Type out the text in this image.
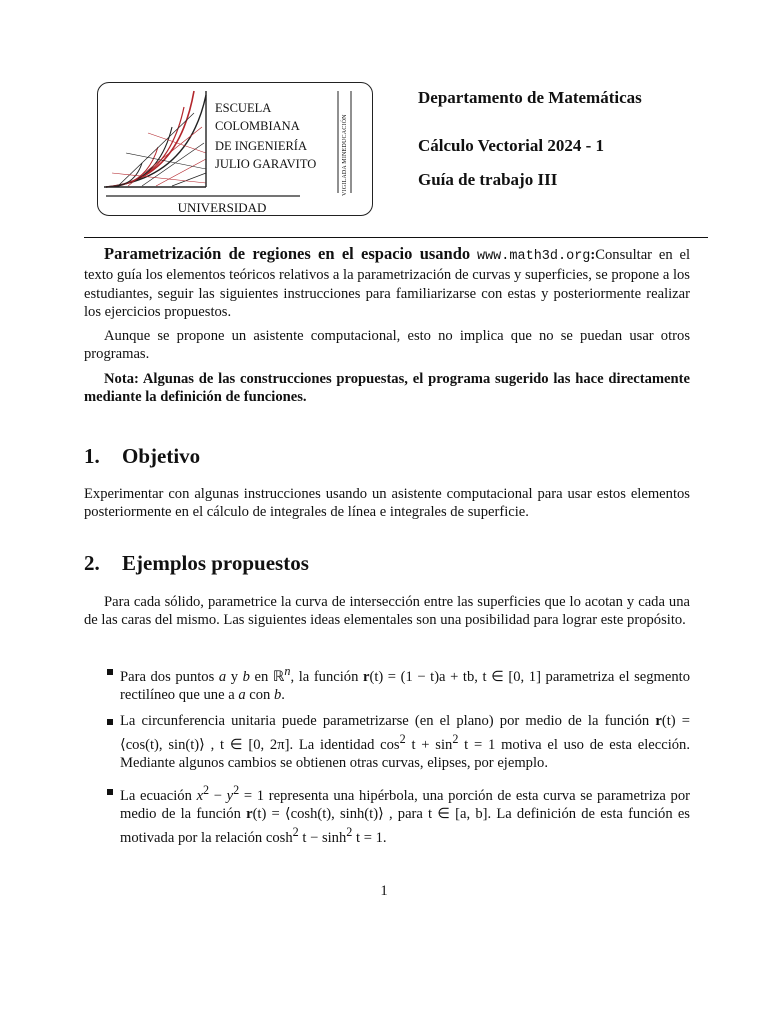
ESCUELA
COLOMBIANA
DE INGENIERÍA
JULIO GARAVITO
UNIVERSIDAD
VIGILADA MINEDUCACIÓN
Departamento de Matemáticas
Cálculo Vectorial 2024 - 1
Guía de trabajo III

Parametrización de regiones en el espacio usando www.math3d.org:Consultar en el texto guía los elementos teóricos relativos a la parametrización de curvas y superficies, se propone a los estudiantes, seguir las siguientes instrucciones para familiarizarse con estas y posteriormente realizar los ejercicios propuestos.

Aunque se propone un asistente computacional, esto no implica que no se puedan usar otros programas.

Nota: Algunas de las construcciones propuestas, el programa sugerido las hace directamente mediante la definición de funciones.

1. Objetivo
Experimentar con algunas instrucciones usando un asistente computacional para usar estos elementos posteriormente en el cálculo de integrales de línea e integrales de superficie.
2. Ejemplos propuestos
Para cada sólido, parametrice la curva de intersección entre las superficies que lo acotan y cada una de las caras del mismo. Las siguientes ideas elementales son una posibilidad para lograr este propósito.
Para dos puntos a y b en ℝ$^n$, la función r(t) = (1 − t)a + tb, t ∈ [0, 1] parametriza el segmento rectilíneo que une a a con b.
La circunferencia unitaria puede parametrizarse (en el plano) por medio de la función r(t) = ⟨cos(t), sin(t)⟩ , t ∈ [0, 2π]. La identidad $\cos^2 t + \sin^2 t = 1$ motiva el uso de esta elección. Mediante algunos cambios se obtienen otras curvas, elipses, por ejemplo.
La ecuación $x^2 - y^2 = 1$ representa una hipérbola, una porción de esta curva se parametriza por medio de la función r(t) = ⟨cosh(t), sinh(t)⟩ , para t ∈ [a, b]. La definición de esta función es motivada por la relación $\cosh^2 t - \sinh^2 t = 1$.
1
